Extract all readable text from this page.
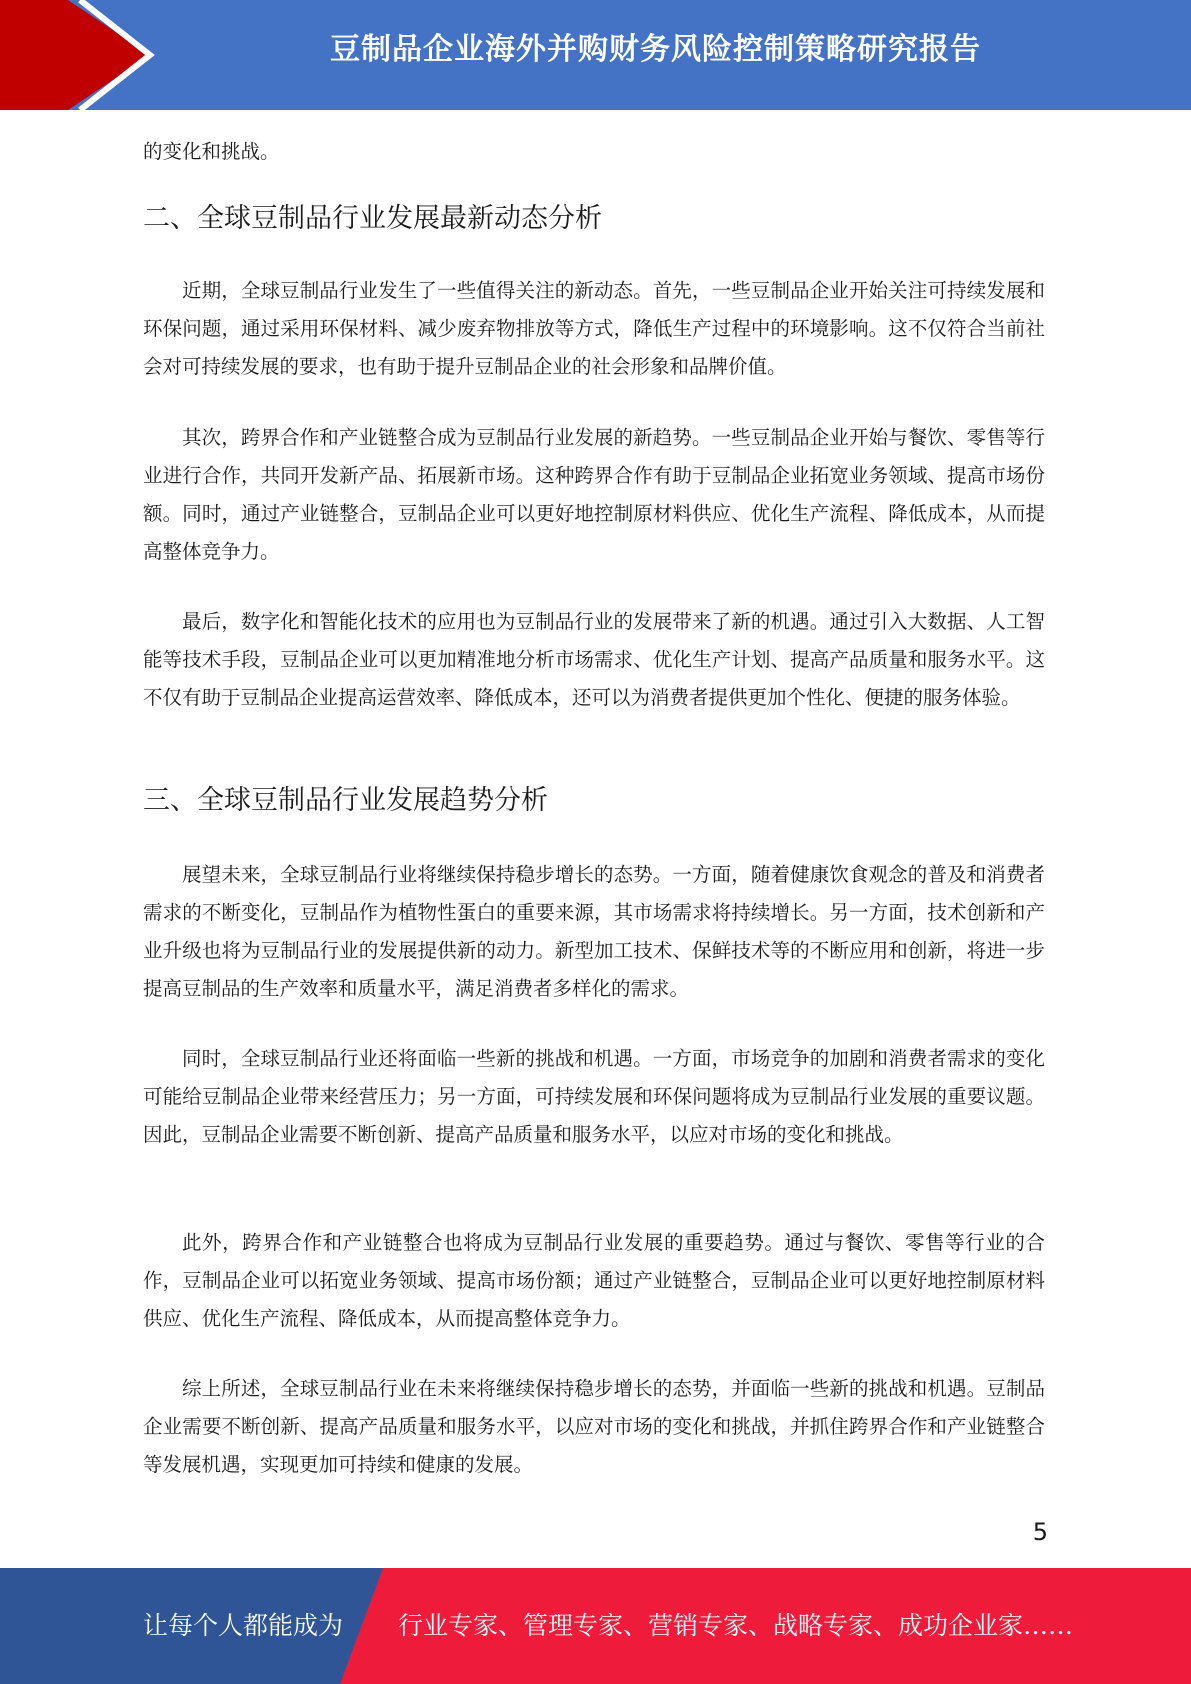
豆制品企业海外并购财务风险控制策略研究报告

的变化和挑战。

二、全球豆制品行业发展最新动态分析

近期，全球豆制品行业发生了一些值得关注的新动态。首先，一些豆制品企业开始关注可持续发展和环保问题，通过采用环保材料、减少废弃物排放等方式，降低生产过程中的环境影响。这不仅符合当前社会对可持续发展的要求，也有助于提升豆制品企业的社会形象和品牌价值。

其次，跨界合作和产业链整合成为豆制品行业发展的新趋势。一些豆制品企业开始与餐饮、零售等行业进行合作，共同开发新产品、拓展新市场。这种跨界合作有助于豆制品企业拓宽业务领域、提高市场份额。同时，通过产业链整合，豆制品企业可以更好地控制原材料供应、优化生产流程、降低成本，从而提高整体竞争力。

最后，数字化和智能化技术的应用也为豆制品行业的发展带来了新的机遇。通过引入大数据、人工智能等技术手段，豆制品企业可以更加精准地分析市场需求、优化生产计划、提高产品质量和服务水平。这不仅有助于豆制品企业提高运营效率、降低成本，还可以为消费者提供更加个性化、便捷的服务体验。

三、全球豆制品行业发展趋势分析

展望未来，全球豆制品行业将继续保持稳步增长的态势。一方面，随着健康饮食观念的普及和消费者需求的不断变化，豆制品作为植物性蛋白的重要来源，其市场需求将持续增长。另一方面，技术创新和产业升级也将为豆制品行业的发展提供新的动力。新型加工技术、保鲜技术等的不断应用和创新，将进一步提高豆制品的生产效率和质量水平，满足消费者多样化的需求。

同时，全球豆制品行业还将面临一些新的挑战和机遇。一方面，市场竞争的加剧和消费者需求的变化可能给豆制品企业带来经营压力；另一方面，可持续发展和环保问题将成为豆制品行业发展的重要议题。因此，豆制品企业需要不断创新、提高产品质量和服务水平，以应对市场的变化和挑战。

此外，跨界合作和产业链整合也将成为豆制品行业发展的重要趋势。通过与餐饮、零售等行业的合作，豆制品企业可以拓宽业务领域、提高市场份额；通过产业链整合，豆制品企业可以更好地控制原材料供应、优化生产流程、降低成本，从而提高整体竞争力。

综上所述，全球豆制品行业在未来将继续保持稳步增长的态势，并面临一些新的挑战和机遇。豆制品企业需要不断创新、提高产品质量和服务水平，以应对市场的变化和挑战，并抓住跨界合作和产业链整合等发展机遇，实现更加可持续和健康的发展。

5
让每个人都能成为 行业专家、管理专家、营销专家、战略专家、成功企业家……
